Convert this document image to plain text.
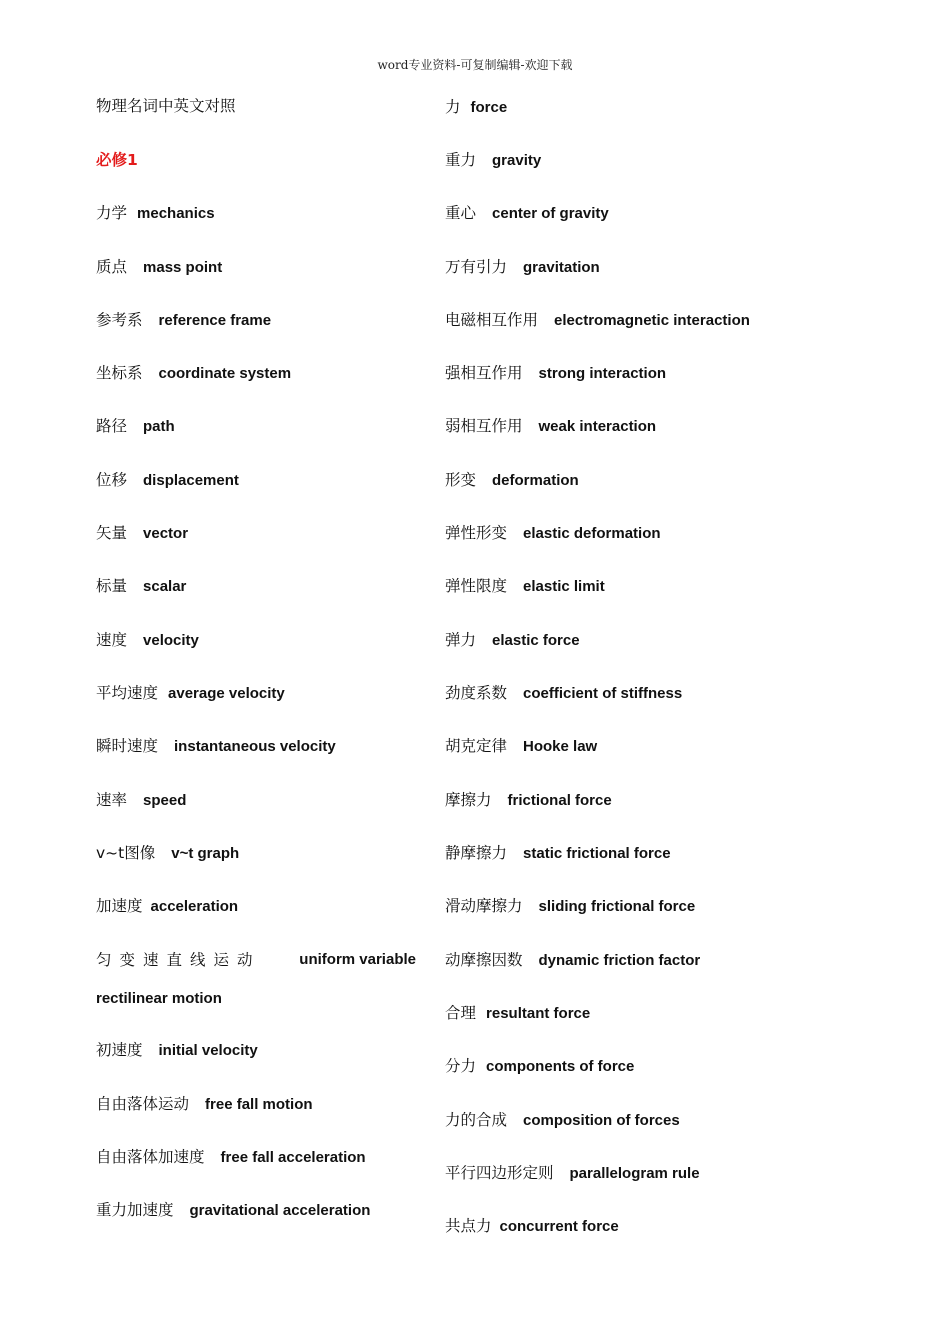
word专业资料-可复制编辑-欢迎下载
物理名词中英文对照
必修1
力学 mechanics
质点 mass point
参考系 reference frame
坐标系 coordinate system
路径 path
位移 displacement
矢量 vector
标量 scalar
速度 velocity
平均速度 average velocity
瞬时速度 instantaneous velocity
速率 speed
v~t图像 v~t graph
加速度 acceleration
匀变速直线运动	uniform variable

rectilinear motion
初速度 initial velocity
自由落体运动 free fall motion
自由落体加速度 free fall acceleration
重力加速度 gravitational acceleration
力 force
重力 gravity
重心 center of gravity
万有引力 gravitation
电磁相互作用 electromagnetic interaction
强相互作用 strong interaction
弱相互作用 weak interaction
形变 deformation
弹性形变 elastic deformation
弹性限度 elastic limit
弹力 elastic force
劲度系数 coefficient of stiffness
胡克定律 Hooke law
摩擦力 frictional force
静摩擦力 static frictional force
滑动摩擦力 sliding frictional force
动摩擦因数 dynamic friction factor
合理 resultant force
分力 components of force
力的合成 composition of forces
平行四边形定则 parallelogram rule
共点力 concurrent force
